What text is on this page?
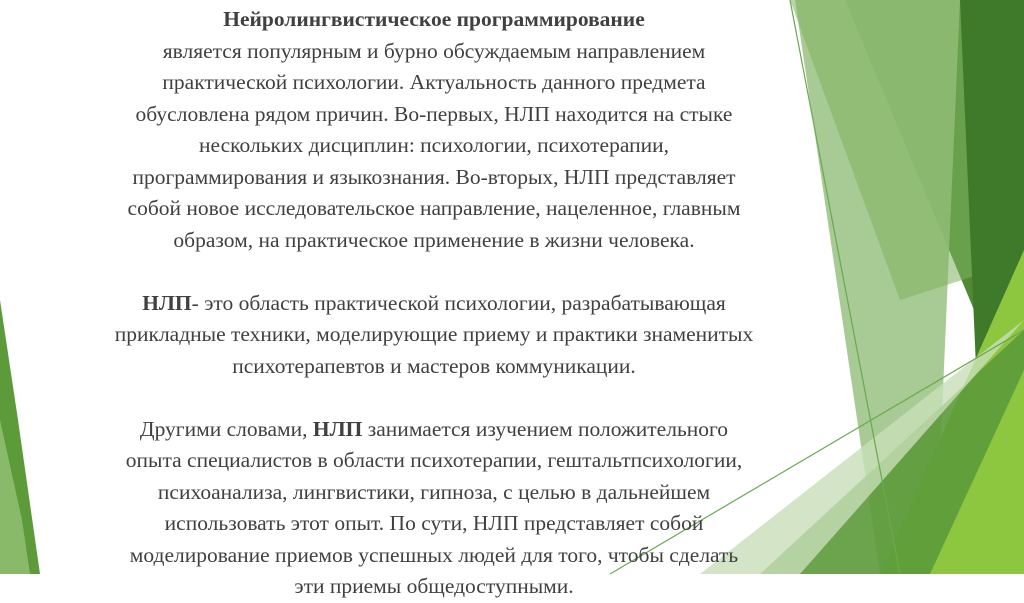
Нейролингвистическое программирование

является популярным и бурно обсуждаемым направлением

практической психологии. Актуальность данного предмета

обусловлена рядом причин. Во-первых, НЛП находится на стыке

нескольких дисциплин: психологии, психотерапии,

программирования и языкознания. Во-вторых, НЛП представляет

собой новое исследовательское направление, нацеленное, главным

образом, на практическое применение в жизни человека.

НЛП- это область практической психологии, разрабатывающая

прикладные техники, моделирующие приему и практики знаменитых

психотерапевтов и мастеров коммуникации.

Другими словами, НЛП занимается изучением положительного

опыта специалистов в области психотерапии, гештальтпсихологии,

психоанализа, лингвистики, гипноза, с целью в дальнейшем

использовать этот опыт. По сути, НЛП представляет собой

моделирование приемов успешных людей для того, чтобы сделать

эти приемы общедоступными.
